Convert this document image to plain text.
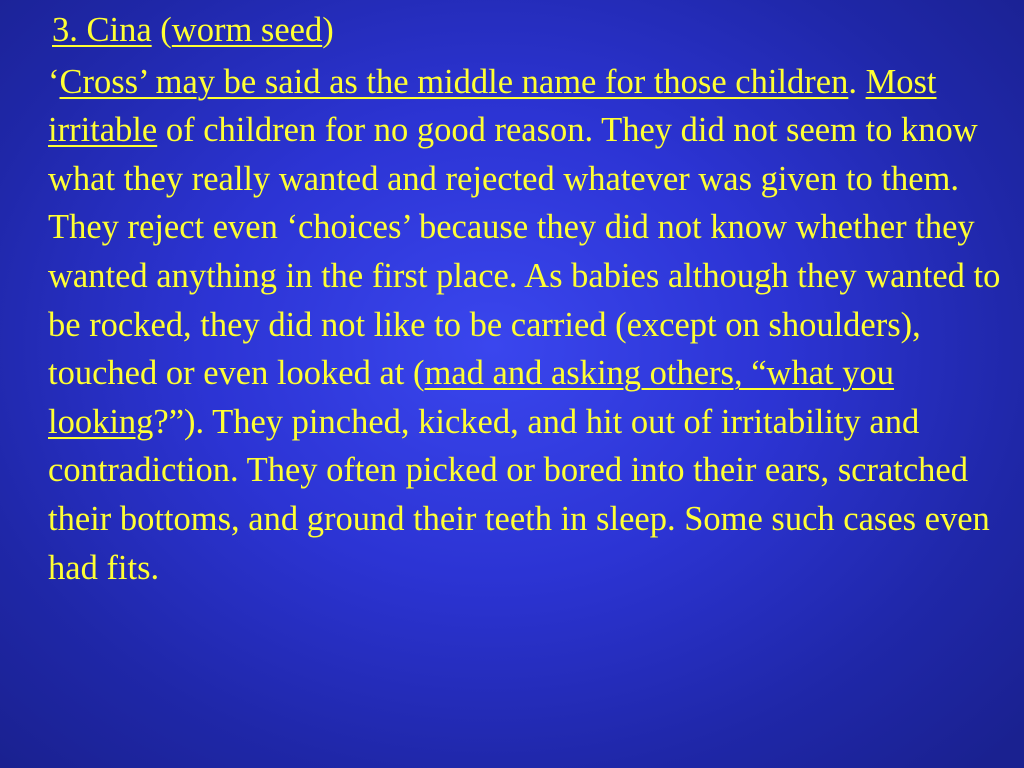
3. Cina (worm seed)

‘Cross’ may be said as the middle name for those children. Most irritable of children for no good reason. They did not seem to know what they really wanted and rejected whatever was given to them. They reject even ‘choices’ because they did not know whether they wanted anything in the first place. As babies although they wanted to be rocked, they did not like to be carried (except on shoulders), touched or even looked at (mad and asking others, “what you looking?”). They pinched, kicked, and hit out of irritability and contradiction. They often picked or bored into their ears, scratched their bottoms, and ground their teeth in sleep. Some such cases even had fits.
